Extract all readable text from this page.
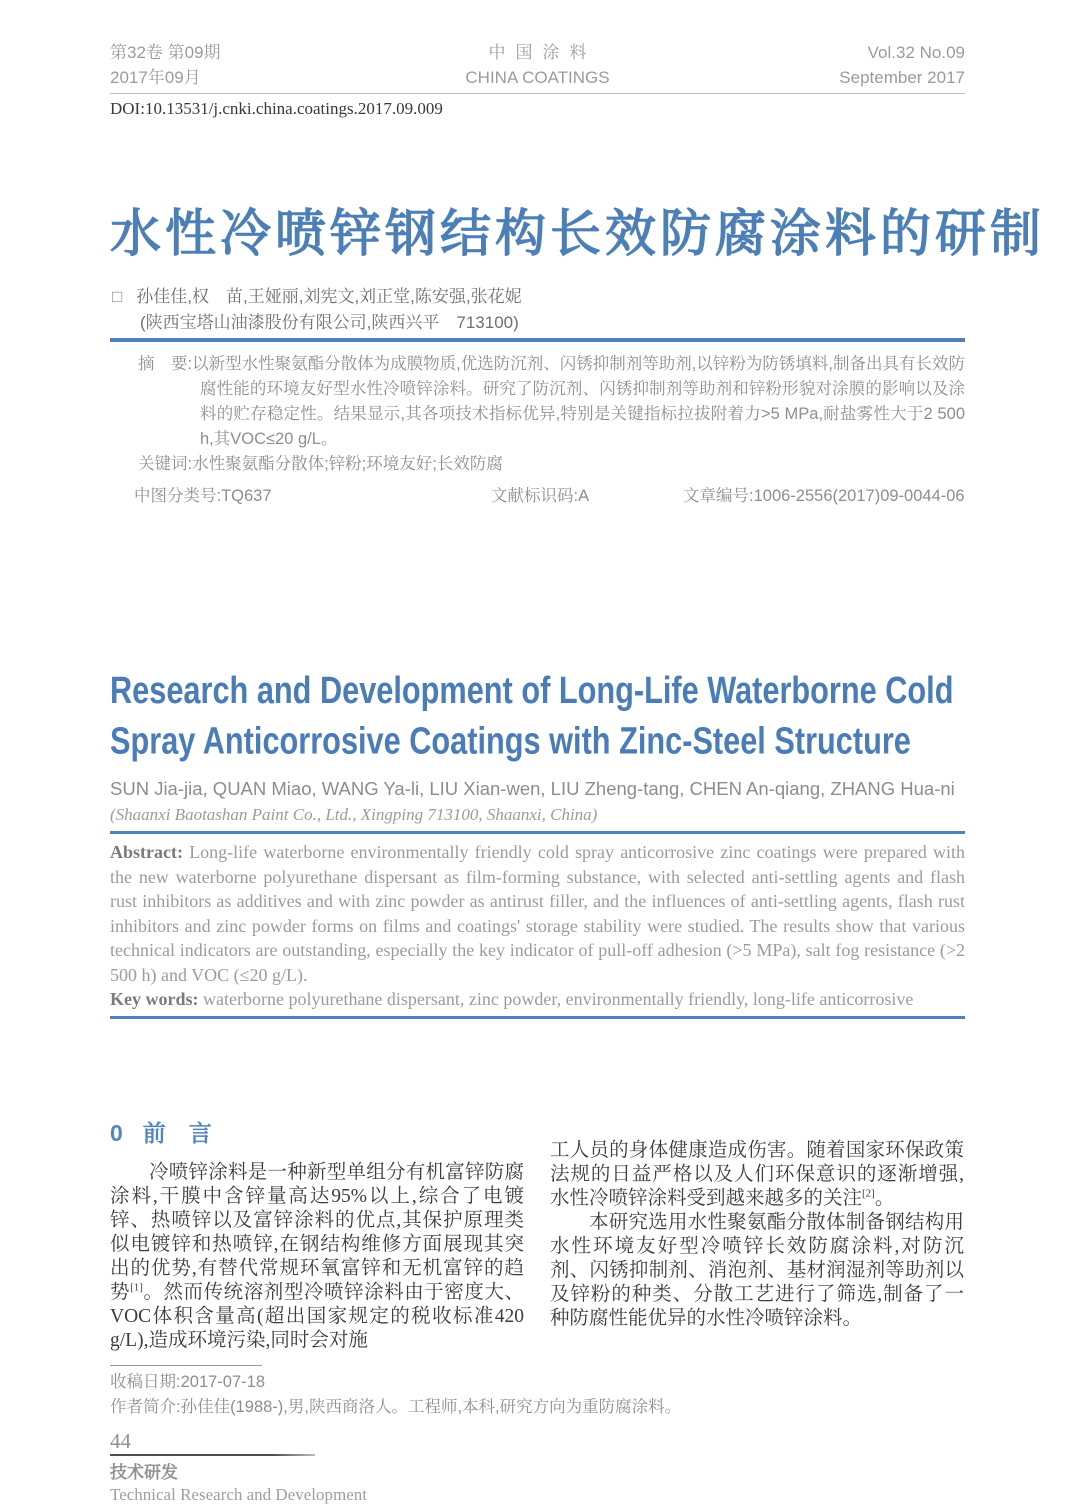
第32卷 第09期
2017年09月
中国涂料
CHINA COATINGS
Vol.32 No.09
September 2017
DOI:10.13531/j.cnki.china.coatings.2017.09.009
水性冷喷锌钢结构长效防腐涂料的研制
□ 孙佳佳,权　苗,王娅丽,刘宪文,刘正堂,陈安强,张花妮
(陕西宝塔山油漆股份有限公司,陕西兴平　713100)

摘　要:以新型水性聚氨酯分散体为成膜物质,优选防沉剂、闪锈抑制剂等助剂,以锌粉为防锈填料,制备出具有长效防腐性能的环境友好型水性冷喷锌涂料。研究了防沉剂、闪锈抑制剂等助剂和锌粉形貌对涂膜的影响以及涂料的贮存稳定性。结果显示,其各项技术指标优异,特别是关键指标拉拔附着力>5 MPa,耐盐雾性大于2 500 h,其VOC≤20 g/L。

关键词:水性聚氨酯分散体;锌粉;环境友好;长效防腐

中图分类号:TQ637	文献标识码:A	文章编号:1006-2556(2017)09-0044-06
Research and Development of Long-Life Waterborne Cold
Spray Anticorrosive Coatings with Zinc-Steel Structure
SUN Jia-jia, QUAN Miao, WANG Ya-li, LIU Xian-wen, LIU Zheng-tang, CHEN An-qiang, ZHANG Hua-ni
(Shaanxi Baotashan Paint Co., Ltd., Xingping 713100, Shaanxi, China)

Abstract: Long-life waterborne environmentally friendly cold spray anticorrosive zinc coatings were prepared with the new waterborne polyurethane dispersant as film-forming substance, with selected anti-settling agents and flash rust inhibitors as additives and with zinc powder as antirust filler, and the influences of anti-settling agents, flash rust inhibitors and zinc powder forms on films and coatings' storage stability were studied. The results show that various technical indicators are outstanding, especially the key indicator of pull-off adhesion (>5 MPa), salt fog resistance (>2 500 h) and VOC (≤20 g/L).

Key words: waterborne polyurethane dispersant, zinc powder, environmentally friendly, long-life anticorrosive

0 前　言

冷喷锌涂料是一种新型单组分有机富锌防腐涂料,干膜中含锌量高达95%以上,综合了电镀锌、热喷锌以及富锌涂料的优点,其保护原理类似电镀锌和热喷锌,在钢结构维修方面展现其突出的优势,有替代常规环氧富锌和无机富锌的趋势[1]。然而传统溶剂型冷喷锌涂料由于密度大、VOC体积含量高(超出国家规定的税收标准420 g/L),造成环境污染,同时会对施

工人员的身体健康造成伤害。随着国家环保政策法规的日益严格以及人们环保意识的逐渐增强,水性冷喷锌涂料受到越来越多的关注[2]。

本研究选用水性聚氨酯分散体制备钢结构用水性环境友好型冷喷锌长效防腐涂料,对防沉剂、闪锈抑制剂、消泡剂、基材润湿剂等助剂以及锌粉的种类、分散工艺进行了筛选,制备了一种防腐性能优异的水性冷喷锌涂料。

收稿日期:2017-07-18

作者简介:孙佳佳(1988-),男,陕西商洛人。工程师,本科,研究方向为重防腐涂料。

44
技术研发
Technical Research and Development
